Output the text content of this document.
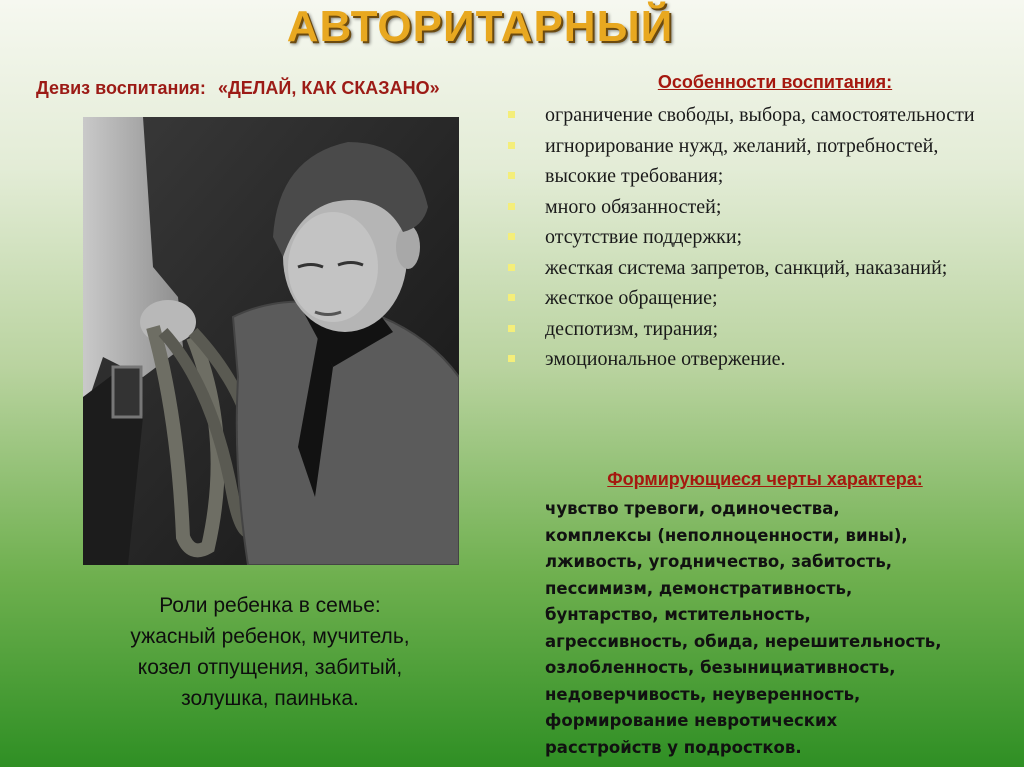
АВТОРИТАРНЫЙ
Девиз воспитания: «ДЕЛАЙ, КАК СКАЗАНО»
Роли ребенка в семье:
ужасный ребенок, мучитель,
козел отпущения, забитый,
золушка, паинька.
Особенности воспитания:
ограничение свободы, выбора, самостоятельности
игнорирование нужд, желаний, потребностей,
высокие требования;
много обязанностей;
отсутствие поддержки;
жесткая система запретов, санкций, наказаний;
жесткое обращение;
деспотизм, тирания;
эмоциональное отвержение.
Формирующиеся черты характера:
чувство тревоги, одиночества,
комплексы (неполноценности, вины),
лживость, угодничество, забитость,
пессимизм, демонстративность,
бунтарство, мстительность,
агрессивность, обида, нерешительность,
озлобленность, безынициативность,
недоверчивость, неуверенность,
формирование невротических
расстройств у подростков.
